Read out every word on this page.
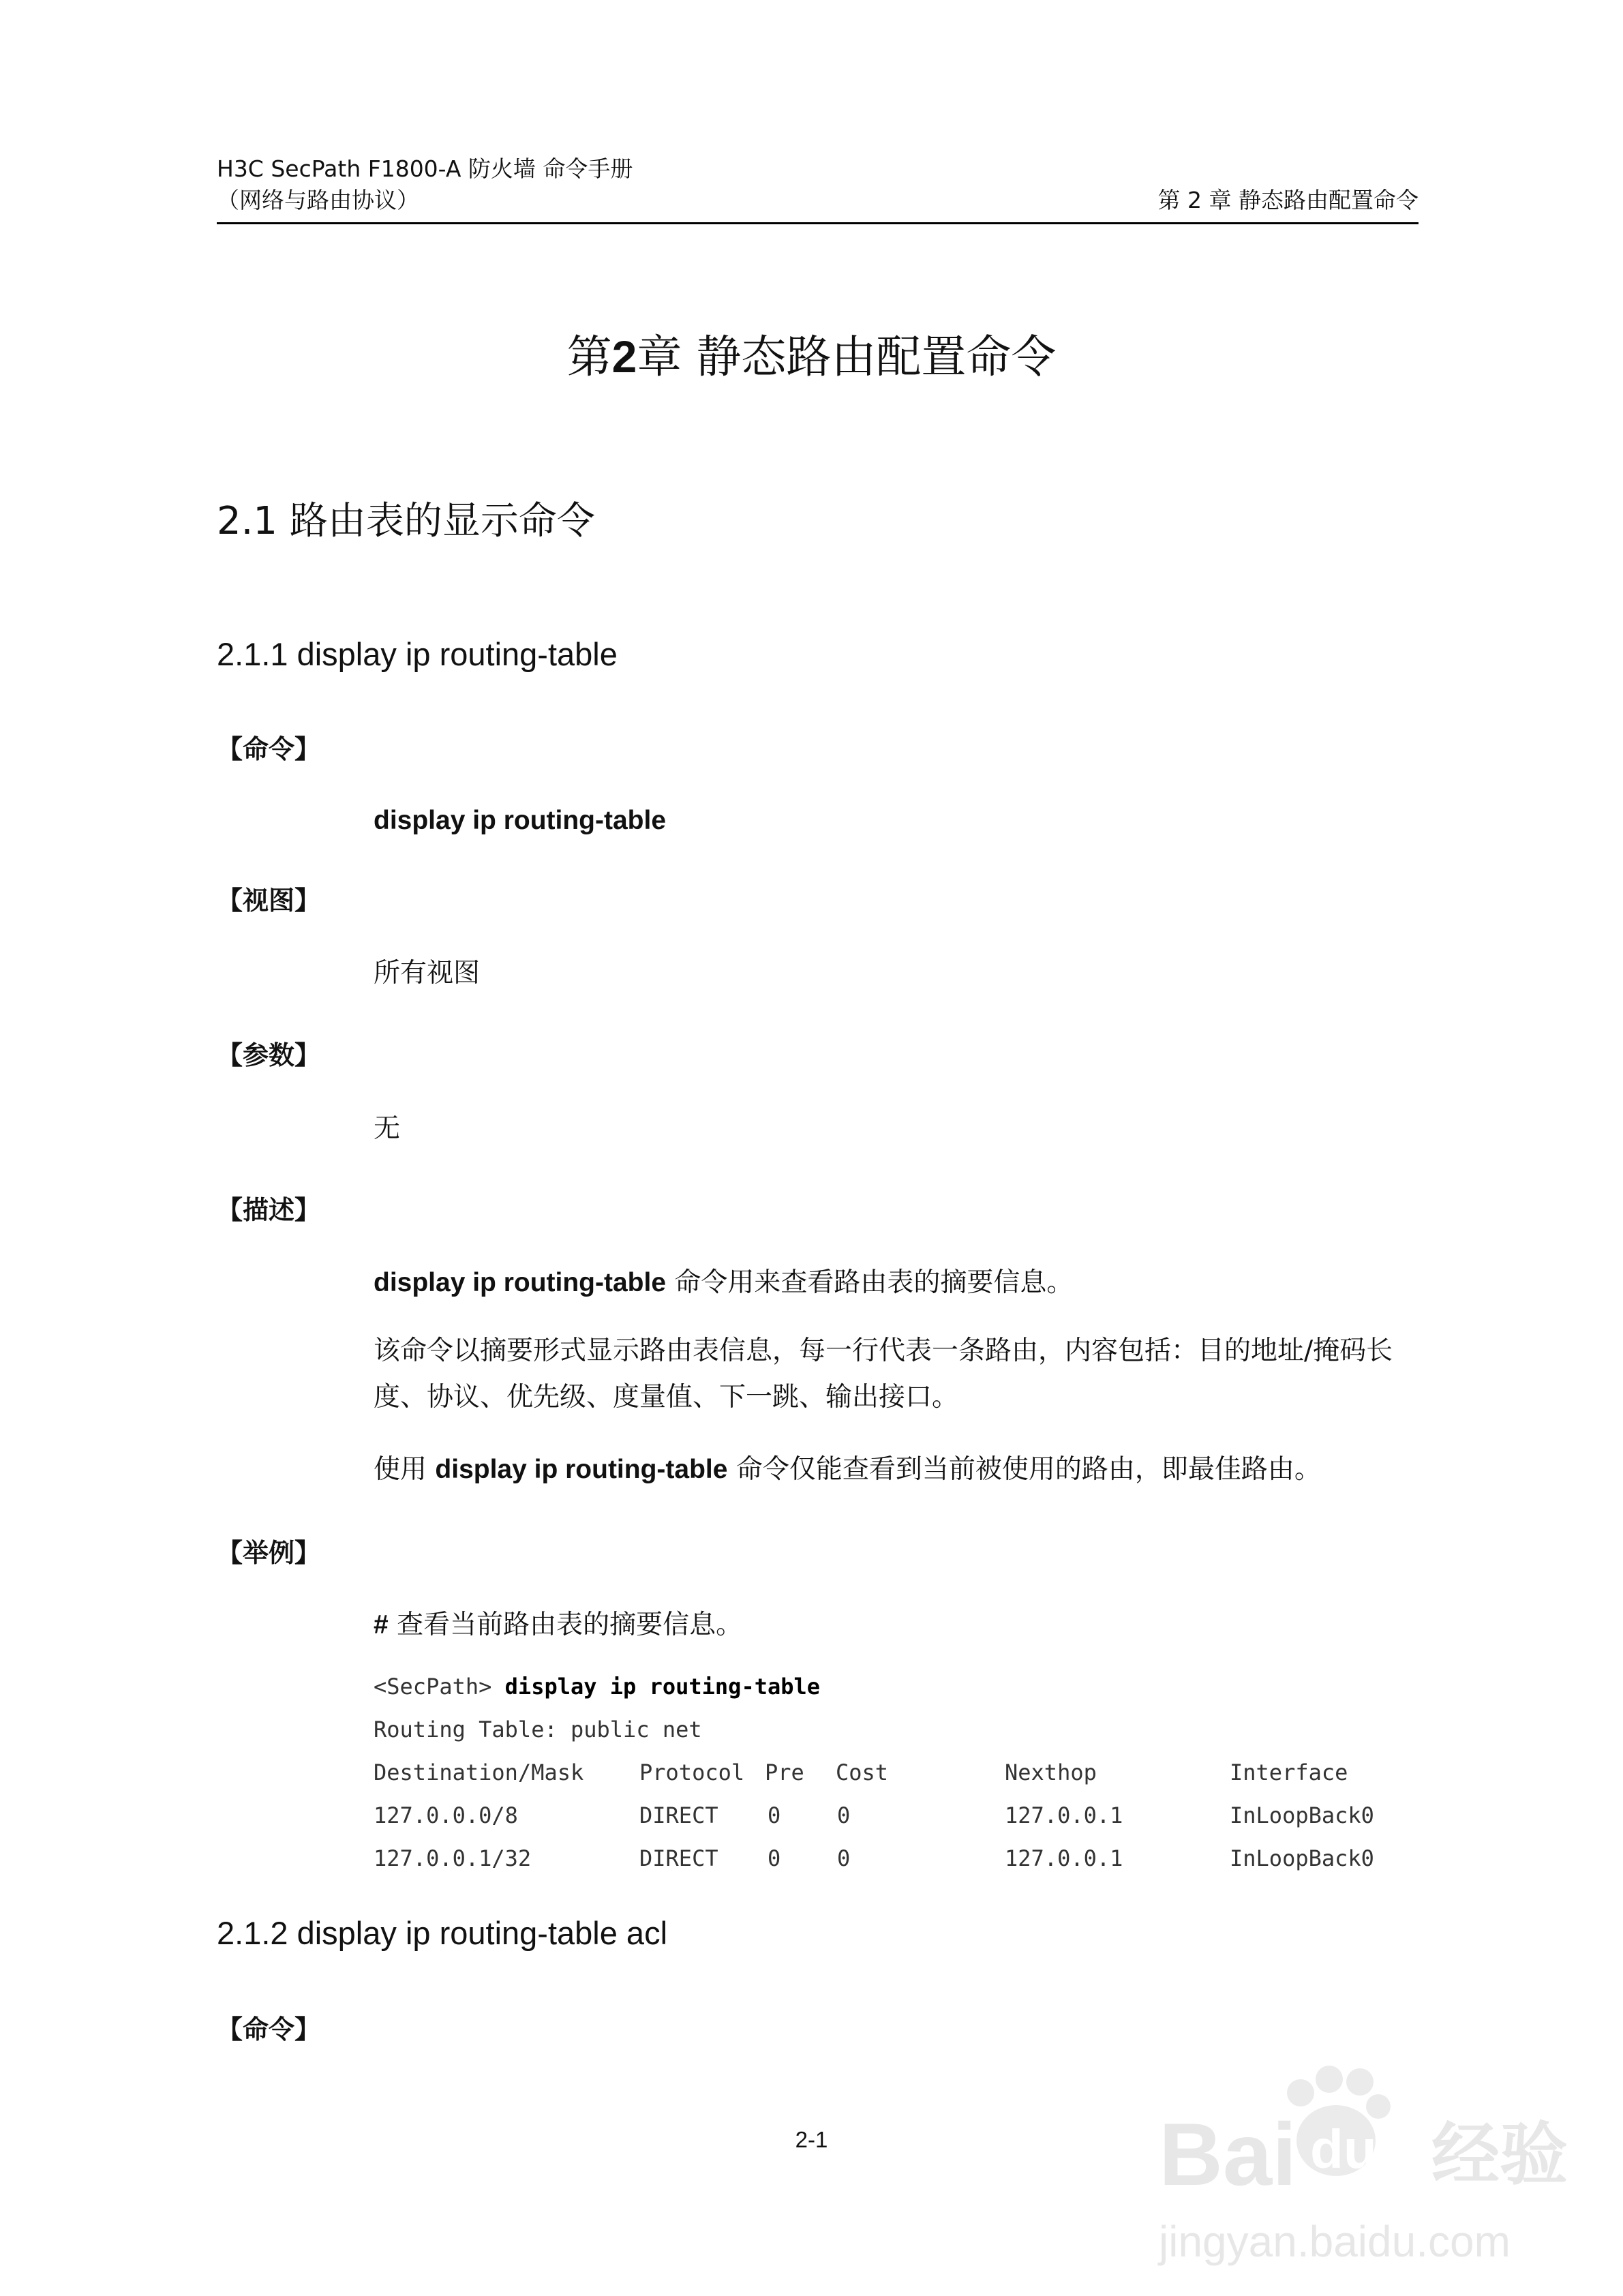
H3C SecPath F1800-A 防火墙 命令手册
（网络与路由协议）	第 2 章 静态路由配置命令
第2章 静态路由配置命令
2.1 路由表的显示命令
2.1.1 display ip routing-table
【命令】
display ip routing-table
【视图】
所有视图
【参数】
无
【描述】
display ip routing-table 命令用来查看路由表的摘要信息。
该命令以摘要形式显示路由表信息，每一行代表一条路由，内容包括：目的地址/掩码长度、协议、优先级、度量值、下一跳、输出接口。
使用 display ip routing-table 命令仅能查看到当前被使用的路由，即最佳路由。
【举例】
# 查看当前路由表的摘要信息。
<SecPath> display ip routing-table
Routing Table: public net
Destination/Mask	Protocol Pre Cost	Nexthop	Interface
127.0.0.0/8	DIRECT 0	0	127.0.0.1	InLoopBack0
127.0.0.1/32	DIRECT 0	0	127.0.0.1	InLoopBack0
2.1.2 display ip routing-table acl
【命令】
2-1	Bai du 经验
jingyan.baidu.com
